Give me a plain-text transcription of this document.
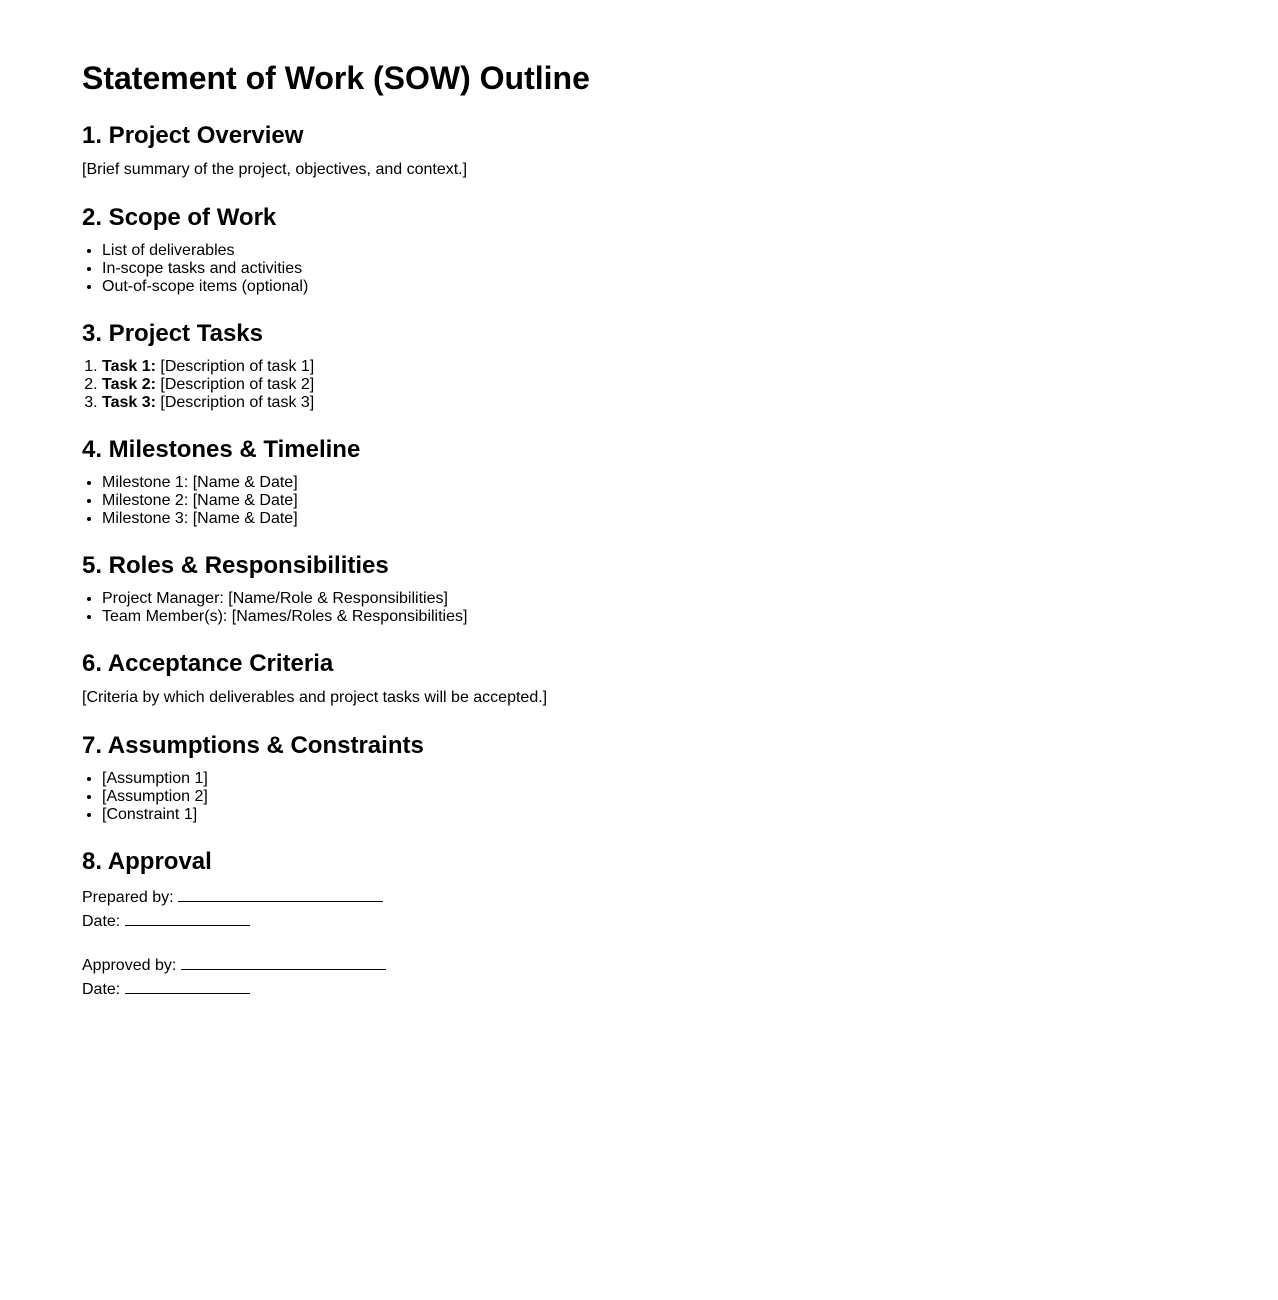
Statement of Work (SOW) Outline
1. Project Overview

[Brief summary of the project, objectives, and context.]

2. Scope of Work
• List of deliverables
• In-scope tasks and activities
• Out-of-scope items (optional)
3. Project Tasks
1. Task 1: [Description of task 1]
2. Task 2: [Description of task 2]
3. Task 3: [Description of task 3]
4. Milestones & Timeline
• Milestone 1: [Name & Date]
• Milestone 2: [Name & Date]
• Milestone 3: [Name & Date]
5. Roles & Responsibilities
• Project Manager: [Name/Role & Responsibilities]
• Team Member(s): [Names/Roles & Responsibilities]
6. Acceptance Criteria

[Criteria by which deliverables and project tasks will be accepted.]

7. Assumptions & Constraints
• [Assumption 1]
• [Assumption 2]
• [Constraint 1]
8. Approval
Prepared by:
Date:
Approved by:
Date:
